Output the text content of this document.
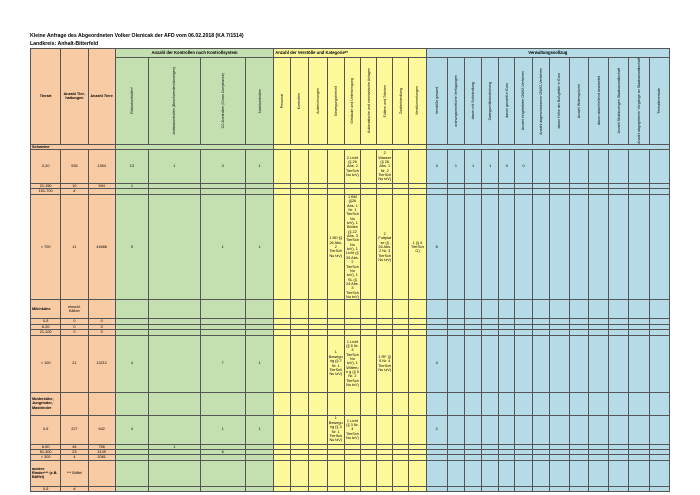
Kleine Anfrage des Abgeordneten Volker Olenicak der AFD vom 06.02.2018 (KA 7/1514)
Landkreis: Anhalt-Bitterfeld
Tierart	Anzahl Tier-haltungen	Anzahl Tiere	Anzahl der Kontrollen nach Kontrollsystem				Anzahl der Verstöße und Kategorie**									Verwaltungsvollzug												

			Risikokontrollen*	Anlasskontrollen (Beschwerden/Anzeigen)	CC-Kontrollen (Cross Compliance)	Nachkontrollen	Personal	Kontrollen	Aufzeichnungen	Bewegungsfreiheit	Gebäude und Unterbringung	Automatische und mechanische Anlagen	Füttern und Tränken	Zootierhandlung	Verstümmelungen	Verstöße gesamt	ordnungsrechtliche Verfügungen	davon mit Sofortvollzug	Zwangsmittelandrohung	davon gezahlt in Euro	Anzahl eingeleiteter OWiG-Verfahren	Anzahl abgeschlossener OWiG-Verfahren	davon Höhe der Bußgelder in Euro	Anzahl Widersprüche	davon abschließend bearbeitet	Anzahl Strafanzeigen Staatsanwaltschaft	Anzahl abgegebener Vorgänge an Staatsanwaltschaft	Tierhalteverbote

Schweine																												
0-20	535	1354	13	1	3	1					2 Licht (§ 26 Abs. 2 TierSchNu tzV)		2 Wasser (§ 26 Abs. 1 Nr. 2 TierSchNu tzV)			4	1	1	1	0	0							
21-150	10	594	1																									
151-700	#																											
> 700	11	44668	5		1	1				1 BD (§ 26 Abs. 2 TierSchNu tzV)	1 BM (§26 Abs. 1 Nr. 1 TierSchNu tzV), 1 Böden (§ 22 Abs. 3 TierSchNu tzV), 1 Licht (§ 26 Abs. 2 TierSchNu tzV), 1 SL (§ 24 Abs. 3 TierSchNu tzV)		2 Futtplatze (§ 26 Abs. 2 Nr. 3 TierSchNu tzV)		1 (§ 6 TierSchG)	6												
Milchkühe	einschl. Kälber																											
0-5	0	0																										
6-20	0	0																										
21-100	0	0																										
> 100	21	13212	4		7	1				1 Bewegu ng (§ 7 Nr. 1 TierSchNu tzV)	1 Licht (§ 5 Nr. 3 TierSchNu tzV), 1 Witterun g (§ 5 Nr. 2 TierSchNu tzV)		1 RF (§ 5 Nr. 4 TierSchNu tzV)			4												
Mutterkühe, Jungrinder, Mastrinder																												
0-5	227	642	4		1	1				1 Bewegung (§ 3 Nr. 1 TierSchNu tzV)	1 Licht (§ 3 Nr. 4 TierSchNu tzV)					2												
6-50	46	756		1																								
51-300	23	3149			6																							
> 300	4	2081																										
andere Rinder*** (z.B. Büffel)	*** Büffel																											
0-5	#																											
